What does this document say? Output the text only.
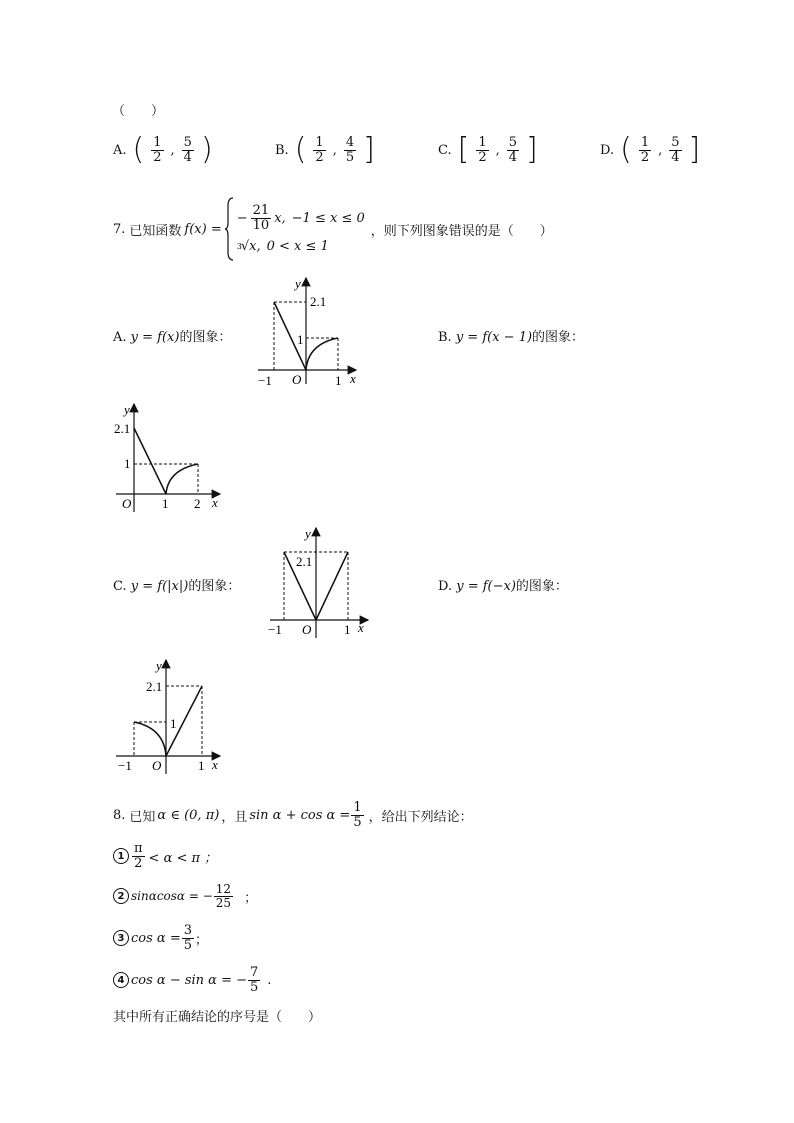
（　　）
A. ( $\frac{1}{2}$ , $\frac{5}{4}$ )	B. ( $\frac{1}{2}$ , $\frac{4}{5}$ ]	C. [ $\frac{1}{2}$ , $\frac{5}{4}$ ]	D. ( $\frac{1}{2}$ , $\frac{5}{4}$ ]
7. 已知函数 f(x) =
− $\frac{21}{10} x$, −1 ≤ x ≤ 0
3 √x, 0 < x ≤ 1
，则下列图象错误的是（　　）
A. y = f(x)的图象：	B. y = f(x − 1)的图象：
C. y = f(|x|)的图象：	D. y = f(−x)的图象：
y
x
O
2.1
1
−1	1
y
x
O
2.1
1
1 2
y
x
O
2.1
−1	1
y
x
O
2.1
1
−1	1
8. 已知 α ∈ (0, π) ，且 $\sin \alpha + \cos \alpha = \frac{1}{5}$ ，给出下列结论：
$1 \frac{\pi}{2} < \alpha < \pi$ ；
2 sinαcosα = − $\frac{12}{25}$ ；
3 $\cos \alpha = \frac{3}{5}$ ；
4 cos α − sin α = − $\frac{7}{5}$ .
其中所有正确结论的序号是（　　）
